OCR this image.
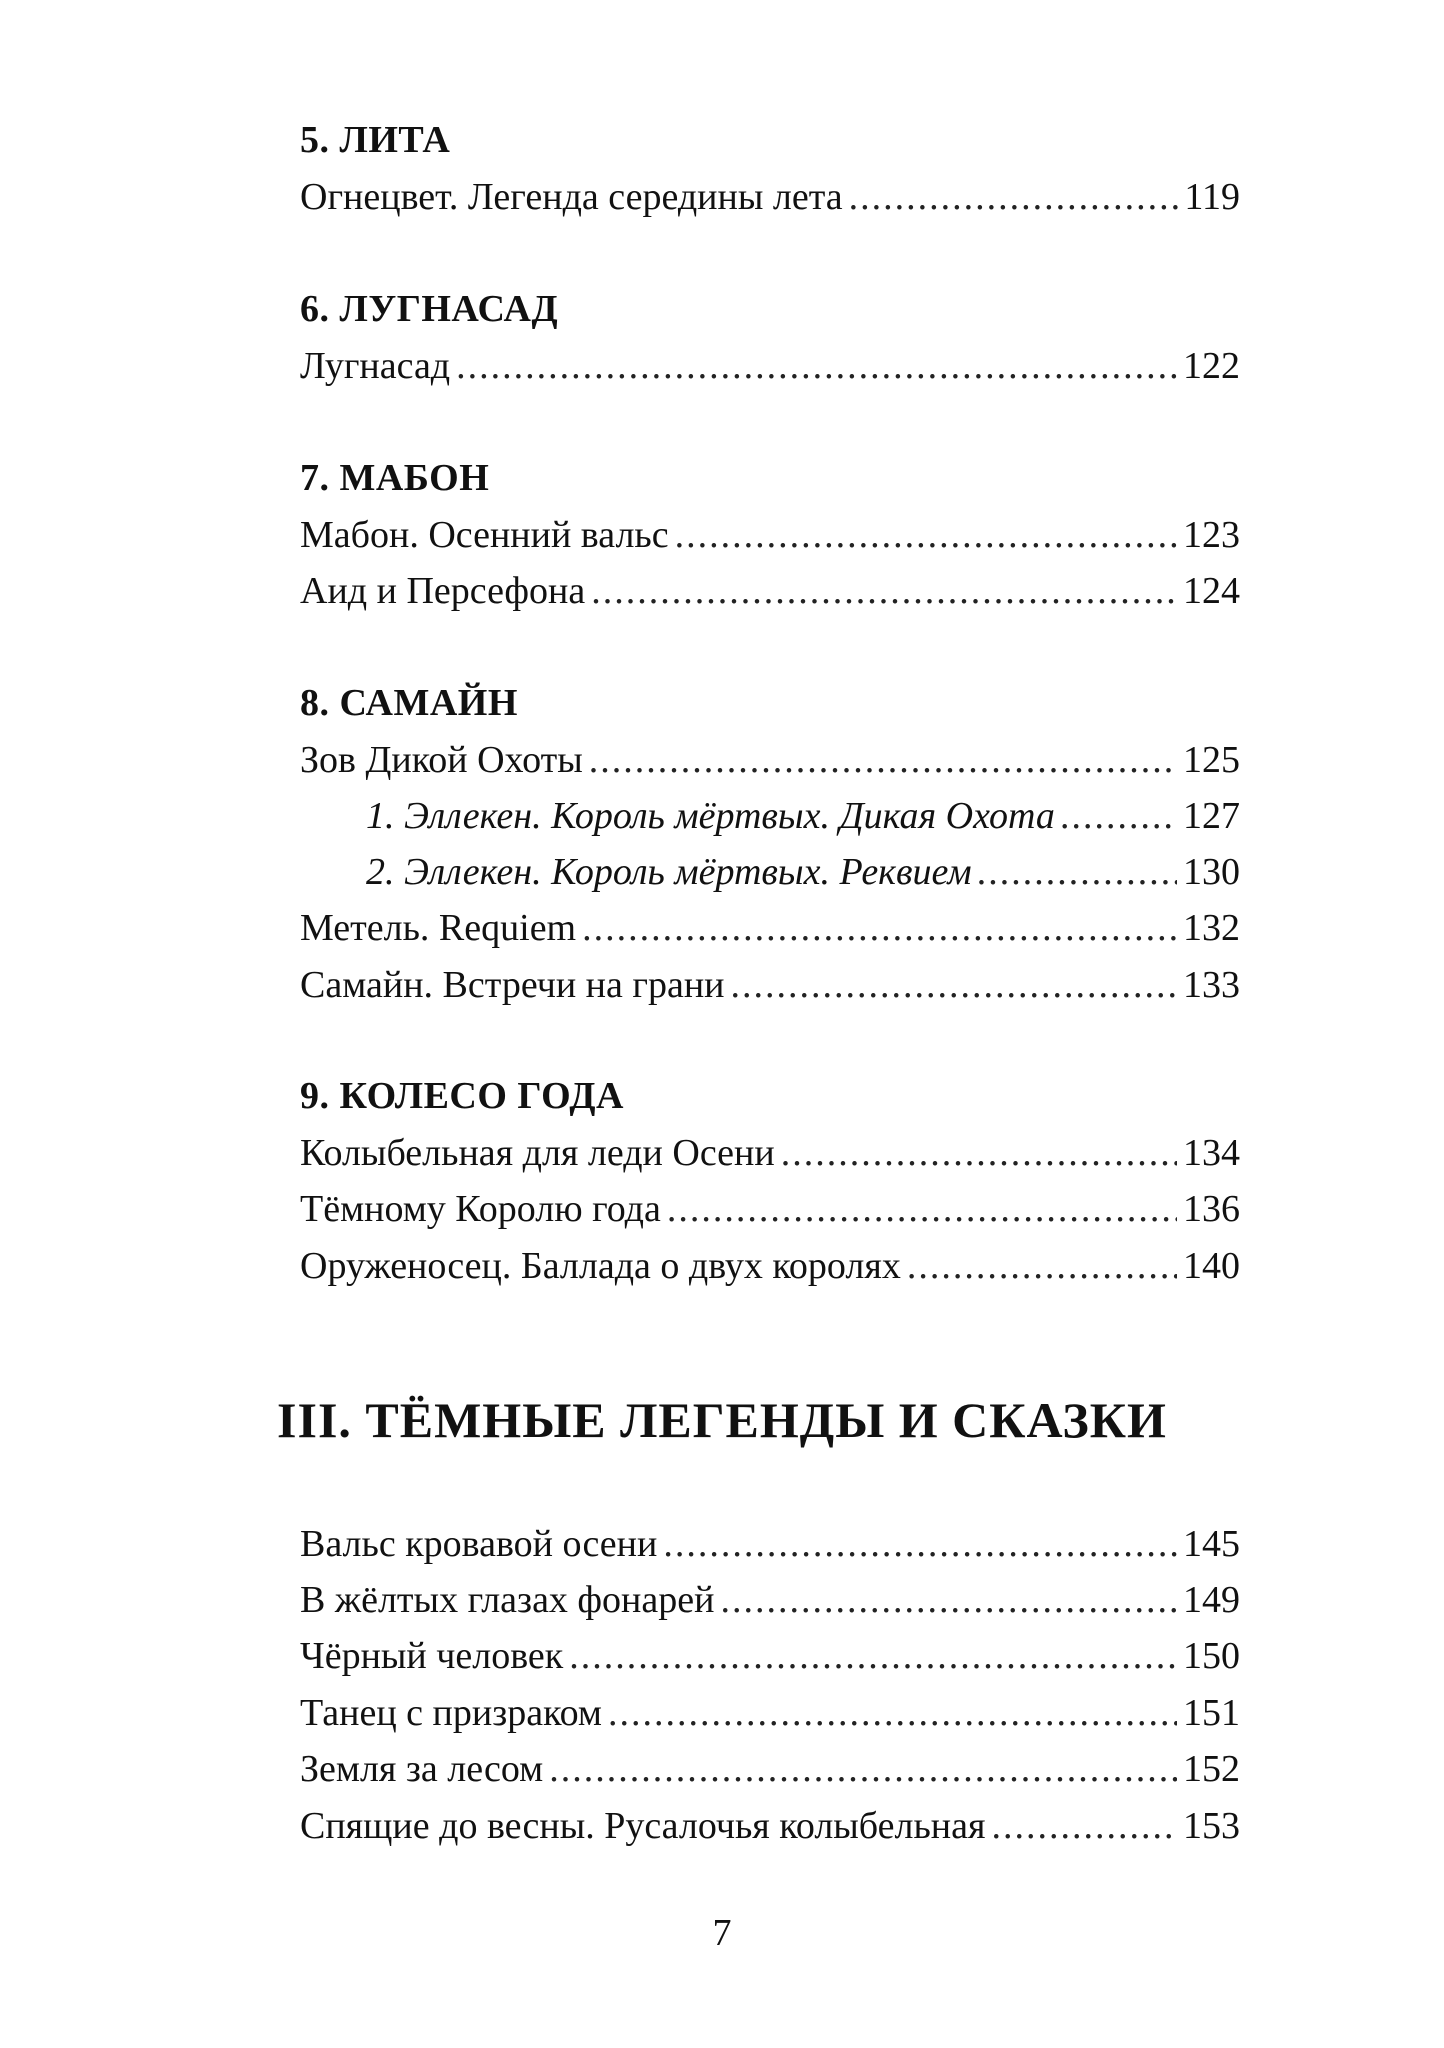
5. ЛИТА
Огнецвет. Легенда середины лета .....	119
6. ЛУГНАСАД
Лугнасад .....	122
7. МАБОН
Мабон. Осенний вальс .....	123
Аид и Персефона .....	124
8. САМАЙН
Зов Дикой Охоты .....	125
1. Эллекен. Король мёртвых. Дикая Охота .....	127
2. Эллекен. Король мёртвых. Реквием .....	130
Метель. Requiem .....	132
Самайн. Встречи на грани .....	133
9. КОЛЕСО ГОДА
Колыбельная для леди Осени .....	134
Тёмному Королю года .....	136
Оруженосец. Баллада о двух королях .....	140
Вальс кровавой осени .....	145
В жёлтых глазах фонарей .....	149
Чёрный человек .....	150
Танец с призраком .....	151
Земля за лесом .....	152
Спящие до весны. Русалочья колыбельная .....	153
III. ТЁМНЫЕ ЛЕГЕНДЫ И СКАЗКИ
7
